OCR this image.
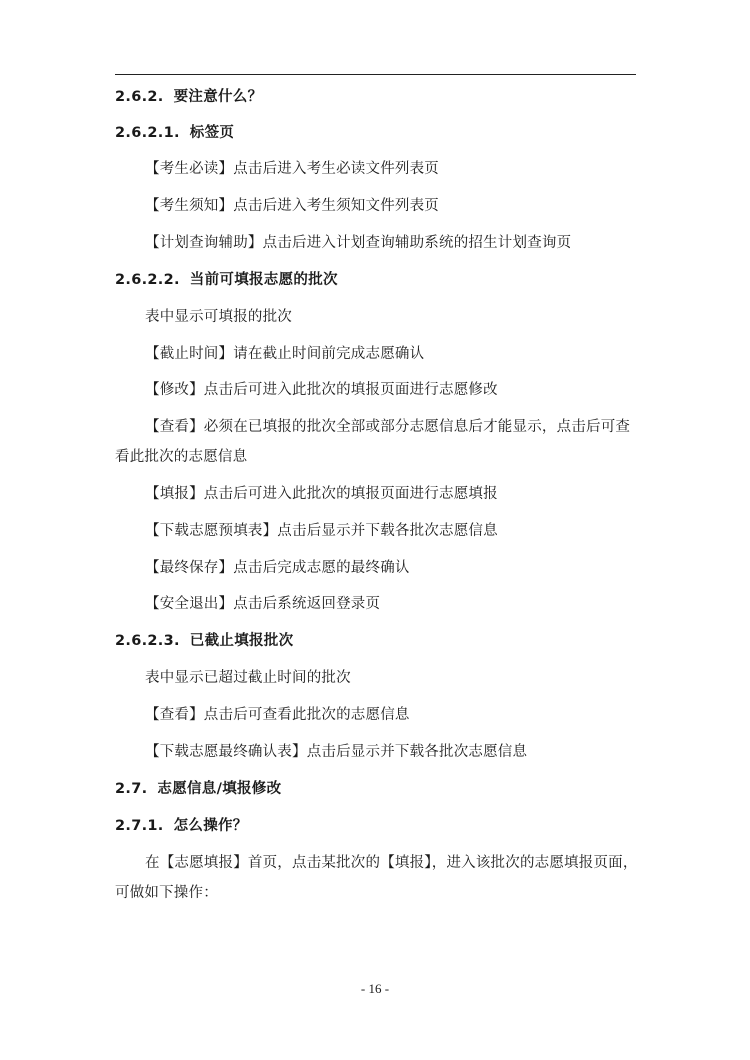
2.6.2. 要注意什么？
2.6.2.1. 标签页
【考生必读】点击后进入考生必读文件列表页
【考生须知】点击后进入考生须知文件列表页
【计划查询辅助】点击后进入计划查询辅助系统的招生计划查询页
2.6.2.2. 当前可填报志愿的批次
表中显示可填报的批次
【截止时间】请在截止时间前完成志愿确认
【修改】点击后可进入此批次的填报页面进行志愿修改
【查看】必须在已填报的批次全部或部分志愿信息后才能显示，点击后可查
看此批次的志愿信息
【填报】点击后可进入此批次的填报页面进行志愿填报
【下载志愿预填表】点击后显示并下载各批次志愿信息
【最终保存】点击后完成志愿的最终确认
【安全退出】点击后系统返回登录页
2.6.2.3. 已截止填报批次
表中显示已超过截止时间的批次
【查看】点击后可查看此批次的志愿信息
【下载志愿最终确认表】点击后显示并下载各批次志愿信息
2.7. 志愿信息/填报修改
2.7.1. 怎么操作？
在【志愿填报】首页，点击某批次的【填报】，进入该批次的志愿填报页面，
可做如下操作：
- 16 -
